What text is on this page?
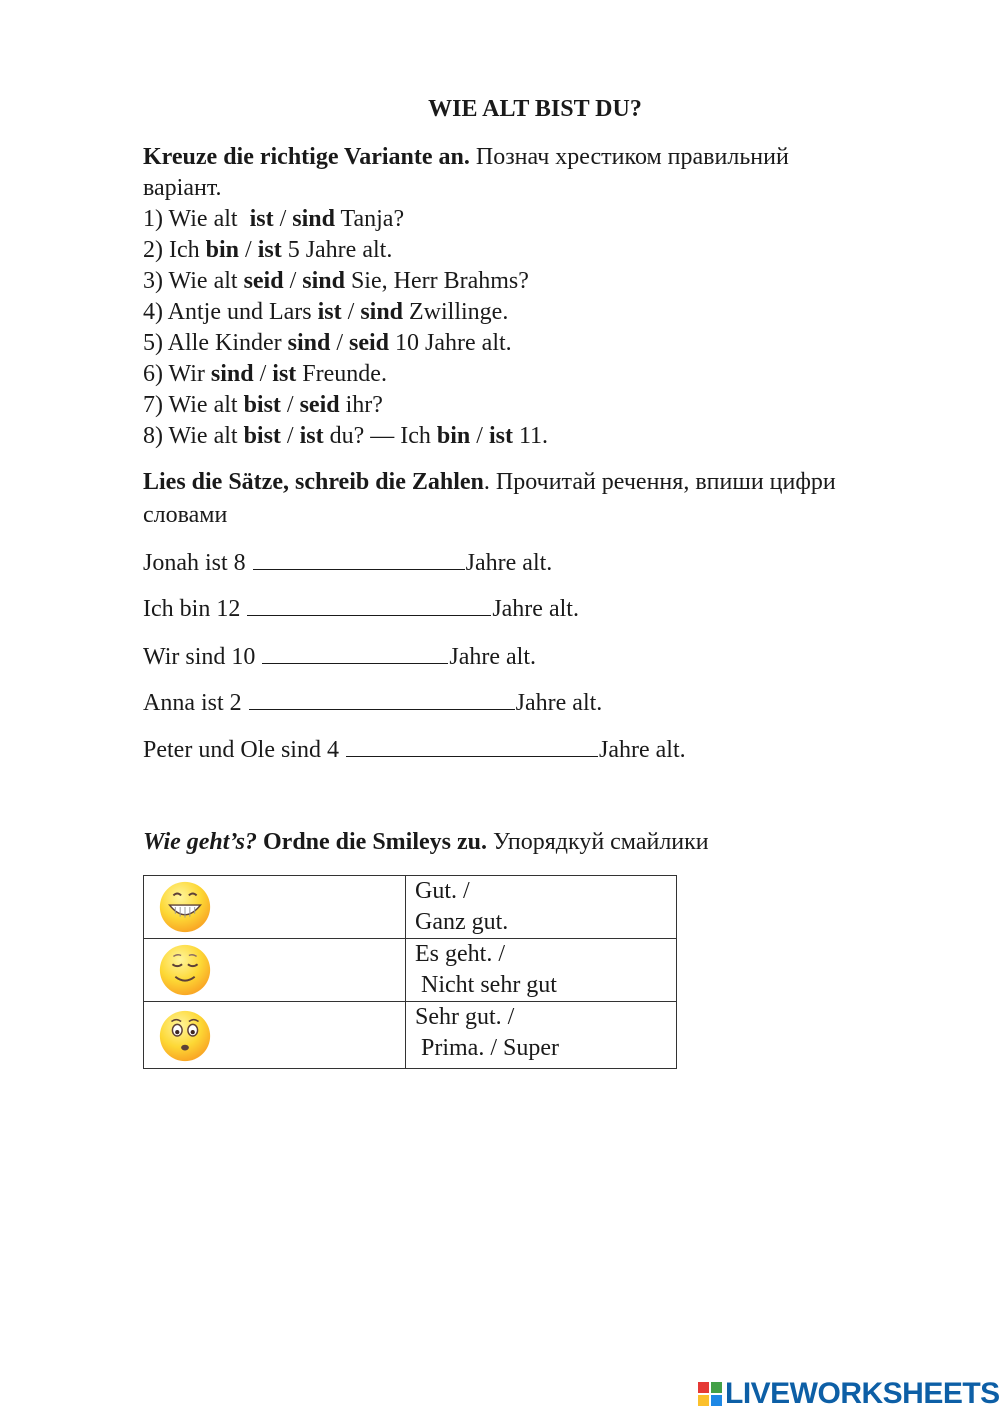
WIE ALT BIST DU?
Kreuze die richtige Variante an. Познач хрестиком правильний
варіант.
1) Wie alt  ist / sind Tanja?
2) Ich bin / ist 5 Jahre alt.
3) Wie alt seid / sind Sie, Herr Brahms?
4) Antje und Lars ist / sind Zwillinge.
5) Alle Kinder sind / seid 10 Jahre alt.
6) Wir sind / ist Freunde.
7) Wie alt bist / seid ihr?
8) Wie alt bist / ist du? — Ich bin / ist 11.
Lies die Sätze, schreib die Zahlen. Прочитай речення, впиши цифри
словами
Jonah ist 8	Jahre alt.
Ich bin 12	Jahre alt.
Wir sind 10	Jahre alt.
Anna ist 2	Jahre alt.
Peter und Ole sind 4	Jahre alt.
Wie geht’s? Ordne die Smileys zu. Упорядкуй смайлики

Gut. /
Ganz gut.

Es geht. /
Nicht sehr gut

Sehr gut. /
Prima. / Super
LIVEWORKSHEETS
